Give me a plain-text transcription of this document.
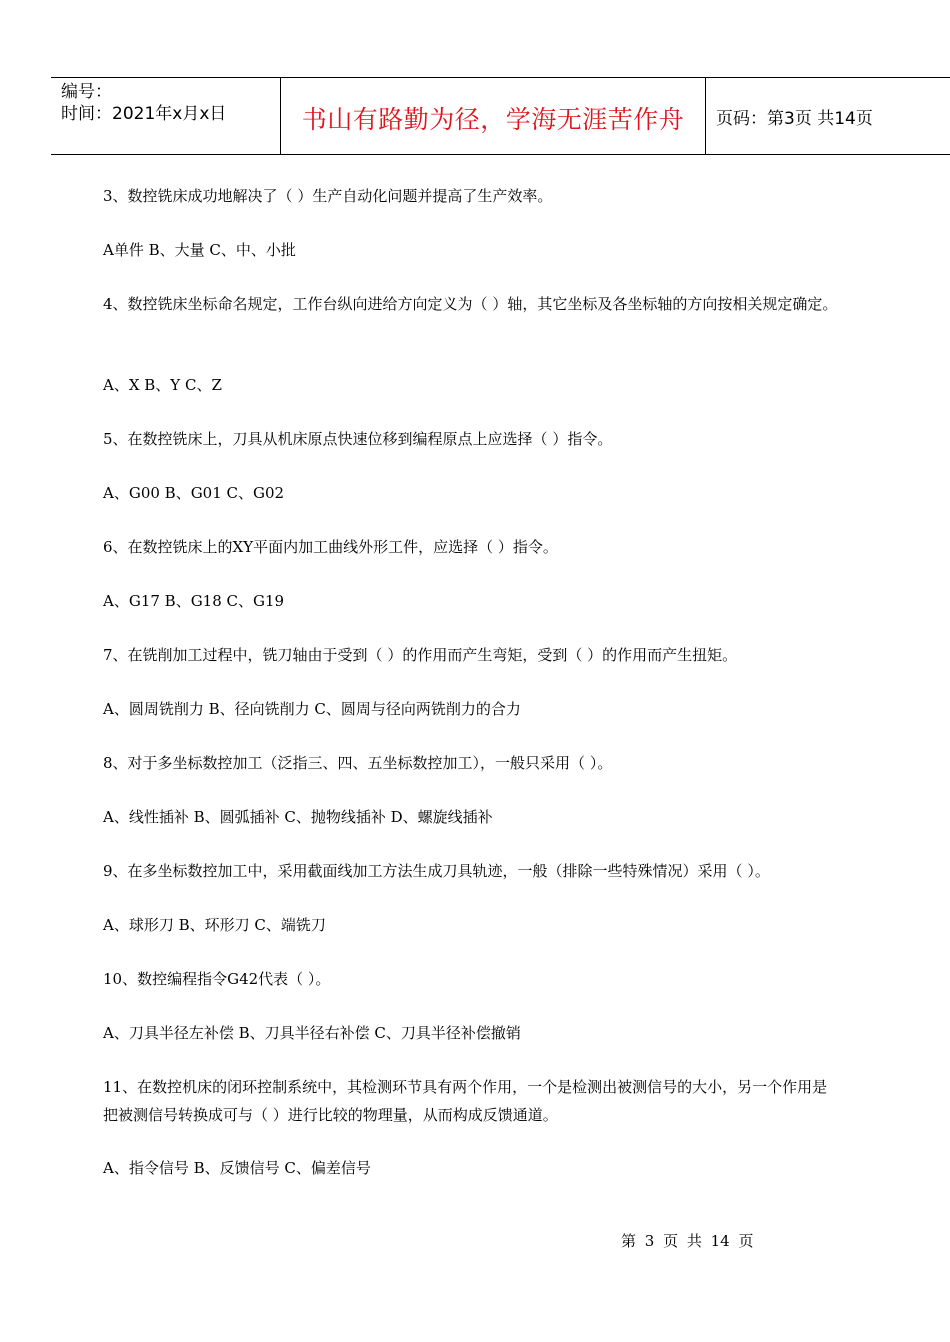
编号：
时间：2021年x月x日	书山有路勤为径，学海无涯苦作舟	页码：第3页 共14页
3、数控铣床成功地解决了（ ）生产自动化问题并提高了生产效率。
A单件 B、大量 C、中、小批
4、数控铣床坐标命名规定，工作台纵向进给方向定义为（ ）轴，其它坐标及各坐标轴的方向按相关规定确定。
A、X B、Y C、Z
5、在数控铣床上，刀具从机床原点快速位移到编程原点上应选择（ ）指令。
A、G00 B、G01 C、G02
6、在数控铣床上的XY平面内加工曲线外形工件，应选择（ ）指令。
A、G17 B、G18 C、G19
7、在铣削加工过程中，铣刀轴由于受到（ ）的作用而产生弯矩，受到（ ）的作用而产生扭矩。
A、圆周铣削力 B、径向铣削力 C、圆周与径向两铣削力的合力
8、对于多坐标数控加工（泛指三、四、五坐标数控加工），一般只采用（ ）。
A、线性插补 B、圆弧插补 C、抛物线插补 D、螺旋线插补
9、在多坐标数控加工中，采用截面线加工方法生成刀具轨迹，一般（排除一些特殊情况）采用（ ）。
A、球形刀 B、环形刀 C、端铣刀
10、数控编程指令G42代表（ ）。
A、刀具半径左补偿 B、刀具半径右补偿 C、刀具半径补偿撤销
11、在数控机床的闭环控制系统中，其检测环节具有两个作用，一个是检测出被测信号的大小，另一个作用是
把被测信号转换成可与（ ）进行比较的物理量，从而构成反馈通道。
A、指令信号 B、反馈信号 C、偏差信号
第 3 页 共 14 页
